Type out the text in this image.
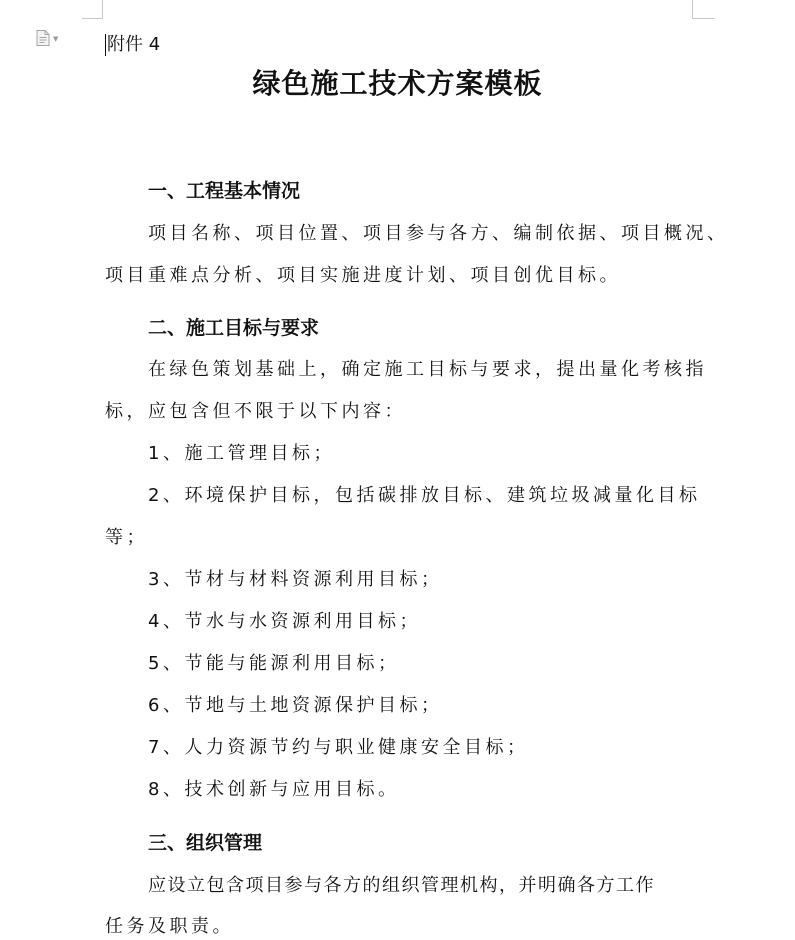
▼	附件 4
绿色施工技术方案模板
一、工程基本情况
项目名称、项目位置、项目参与各方、编制依据、项目概况、
项目重难点分析、项目实施进度计划、项目创优目标。
二、施工目标与要求
在绿色策划基础上，确定施工目标与要求，提出量化考核指
标，应包含但不限于以下内容：
1、施工管理目标；
2、环境保护目标，包括碳排放目标、建筑垃圾减量化目标
等；
3、节材与材料资源利用目标；
4、节水与水资源利用目标；
5、节能与能源利用目标；
6、节地与土地资源保护目标；
7、人力资源节约与职业健康安全目标；
8、技术创新与应用目标。
三、组织管理
应设立包含项目参与各方的组织管理机构，并明确各方工作
任务及职责。
